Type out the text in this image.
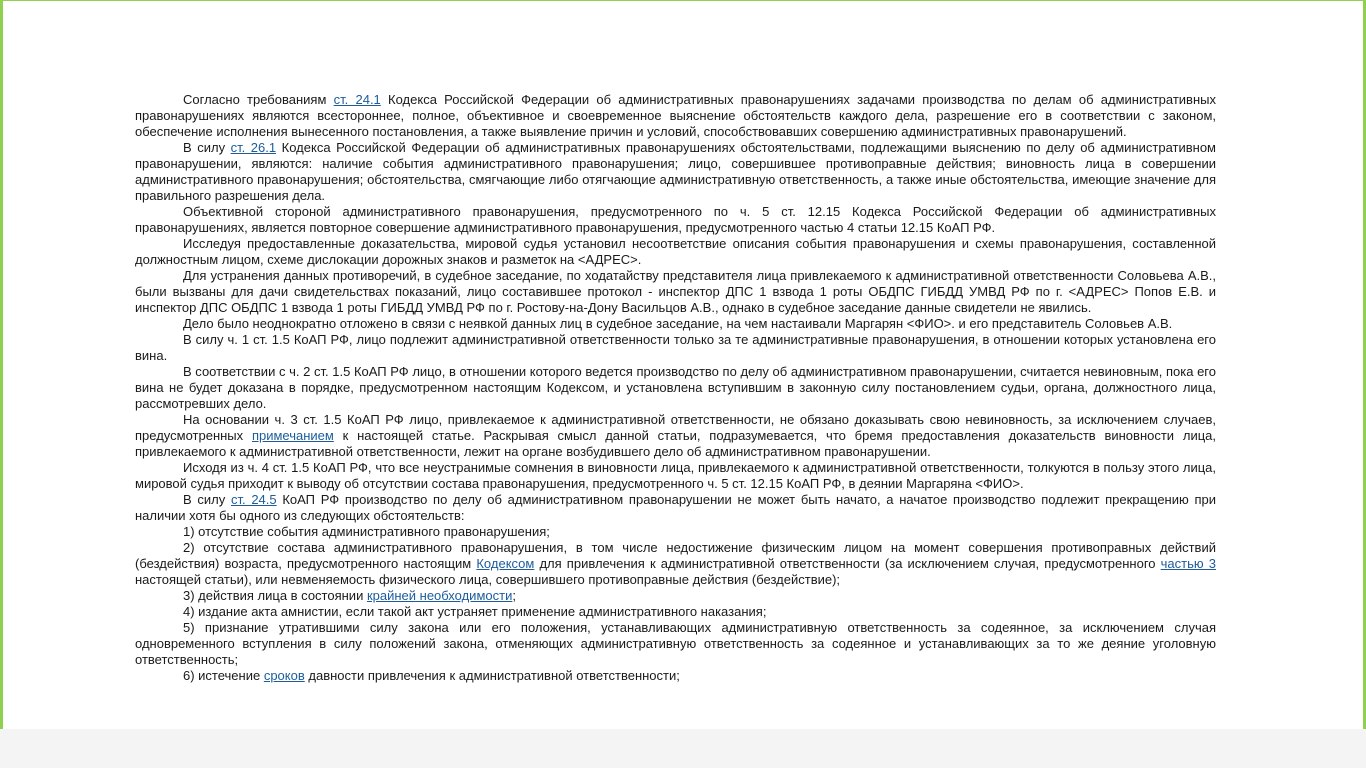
Согласно требованиям ст. 24.1 Кодекса Российской Федерации об административных правонарушениях задачами производства по делам об административных правонарушениях являются всестороннее, полное, объективное и своевременное выяснение обстоятельств каждого дела, разрешение его в соответствии с законом, обеспечение исполнения вынесенного постановления, а также выявление причин и условий, способствовавших совершению административных правонарушений.

В силу ст. 26.1 Кодекса Российской Федерации об административных правонарушениях обстоятельствами, подлежащими выяснению по делу об административном правонарушении, являются: наличие события административного правонарушения; лицо, совершившее противоправные действия; виновность лица в совершении административного правонарушения; обстоятельства, смягчающие либо отягчающие административную ответственность, а также иные обстоятельства, имеющие значение для правильного разрешения дела.

Объективной стороной административного правонарушения, предусмотренного по ч. 5 ст. 12.15 Кодекса Российской Федерации об административных правонарушениях, является повторное совершение административного правонарушения, предусмотренного частью 4 статьи 12.15 КоАП РФ.

Исследуя предоставленные доказательства, мировой судья установил несоответствие описания события правонарушения и схемы правонарушения, составленной должностным лицом, схеме дислокации дорожных знаков и разметок на <АДРЕС>.

Для устранения данных противоречий, в судебное заседание, по ходатайству представителя лица привлекаемого к административной ответственности Соловьева А.В., были вызваны для дачи свидетельствах показаний, лицо составившее протокол - инспектор ДПС 1 взвода 1 роты ОБДПС ГИБДД УМВД РФ по г. <АДРЕС> Попов Е.В. и инспектор ДПС ОБДПС 1 взвода 1 роты ГИБДД УМВД РФ по г. Ростову-на-Дону Васильцов А.В., однако в судебное заседание данные свидетели не явились.

Дело было неоднократно отложено в связи с неявкой данных лиц в судебное заседание, на чем настаивали Маргарян <ФИО>. и его представитель Соловьев А.В.

В силу ч. 1 ст. 1.5 КоАП РФ, лицо подлежит административной ответственности только за те административные правонарушения, в отношении которых установлена его вина.

В соответствии с ч. 2 ст. 1.5 КоАП РФ лицо, в отношении которого ведется производство по делу об административном правонарушении, считается невиновным, пока его вина не будет доказана в порядке, предусмотренном настоящим Кодексом, и установлена вступившим в законную силу постановлением судьи, органа, должностного лица, рассмотревших дело.

На основании ч. 3 ст. 1.5 КоАП РФ лицо, привлекаемое к административной ответственности, не обязано доказывать свою невиновность, за исключением случаев, предусмотренных примечанием к настоящей статье. Раскрывая смысл данной статьи, подразумевается, что бремя предоставления доказательств виновности лица, привлекаемого к административной ответственности, лежит на органе возбудившего дело об административном правонарушении.

Исходя из ч. 4 ст. 1.5 КоАП РФ, что все неустранимые сомнения в виновности лица, привлекаемого к административной ответственности, толкуются в пользу этого лица, мировой судья приходит к выводу об отсутствии состава правонарушения, предусмотренного ч. 5 ст. 12.15 КоАП РФ, в деянии Маргаряна <ФИО>.

В силу ст. 24.5 КоАП РФ производство по делу об административном правонарушении не может быть начато, а начатое производство подлежит прекращению при наличии хотя бы одного из следующих обстоятельств:

1) отсутствие события административного правонарушения;

2) отсутствие состава административного правонарушения, в том числе недостижение физическим лицом на момент совершения противоправных действий (бездействия) возраста, предусмотренного настоящим Кодексом для привлечения к административной ответственности (за исключением случая, предусмотренного частью 3 настоящей статьи), или невменяемость физического лица, совершившего противоправные действия (бездействие);

3) действия лица в состоянии крайней необходимости;

4) издание акта амнистии, если такой акт устраняет применение административного наказания;

5) признание утратившими силу закона или его положения, устанавливающих административную ответственность за содеянное, за исключением случая одновременного вступления в силу положений закона, отменяющих административную ответственность за содеянное и устанавливающих за то же деяние уголовную ответственность;

6) истечение сроков давности привлечения к административной ответственности;
